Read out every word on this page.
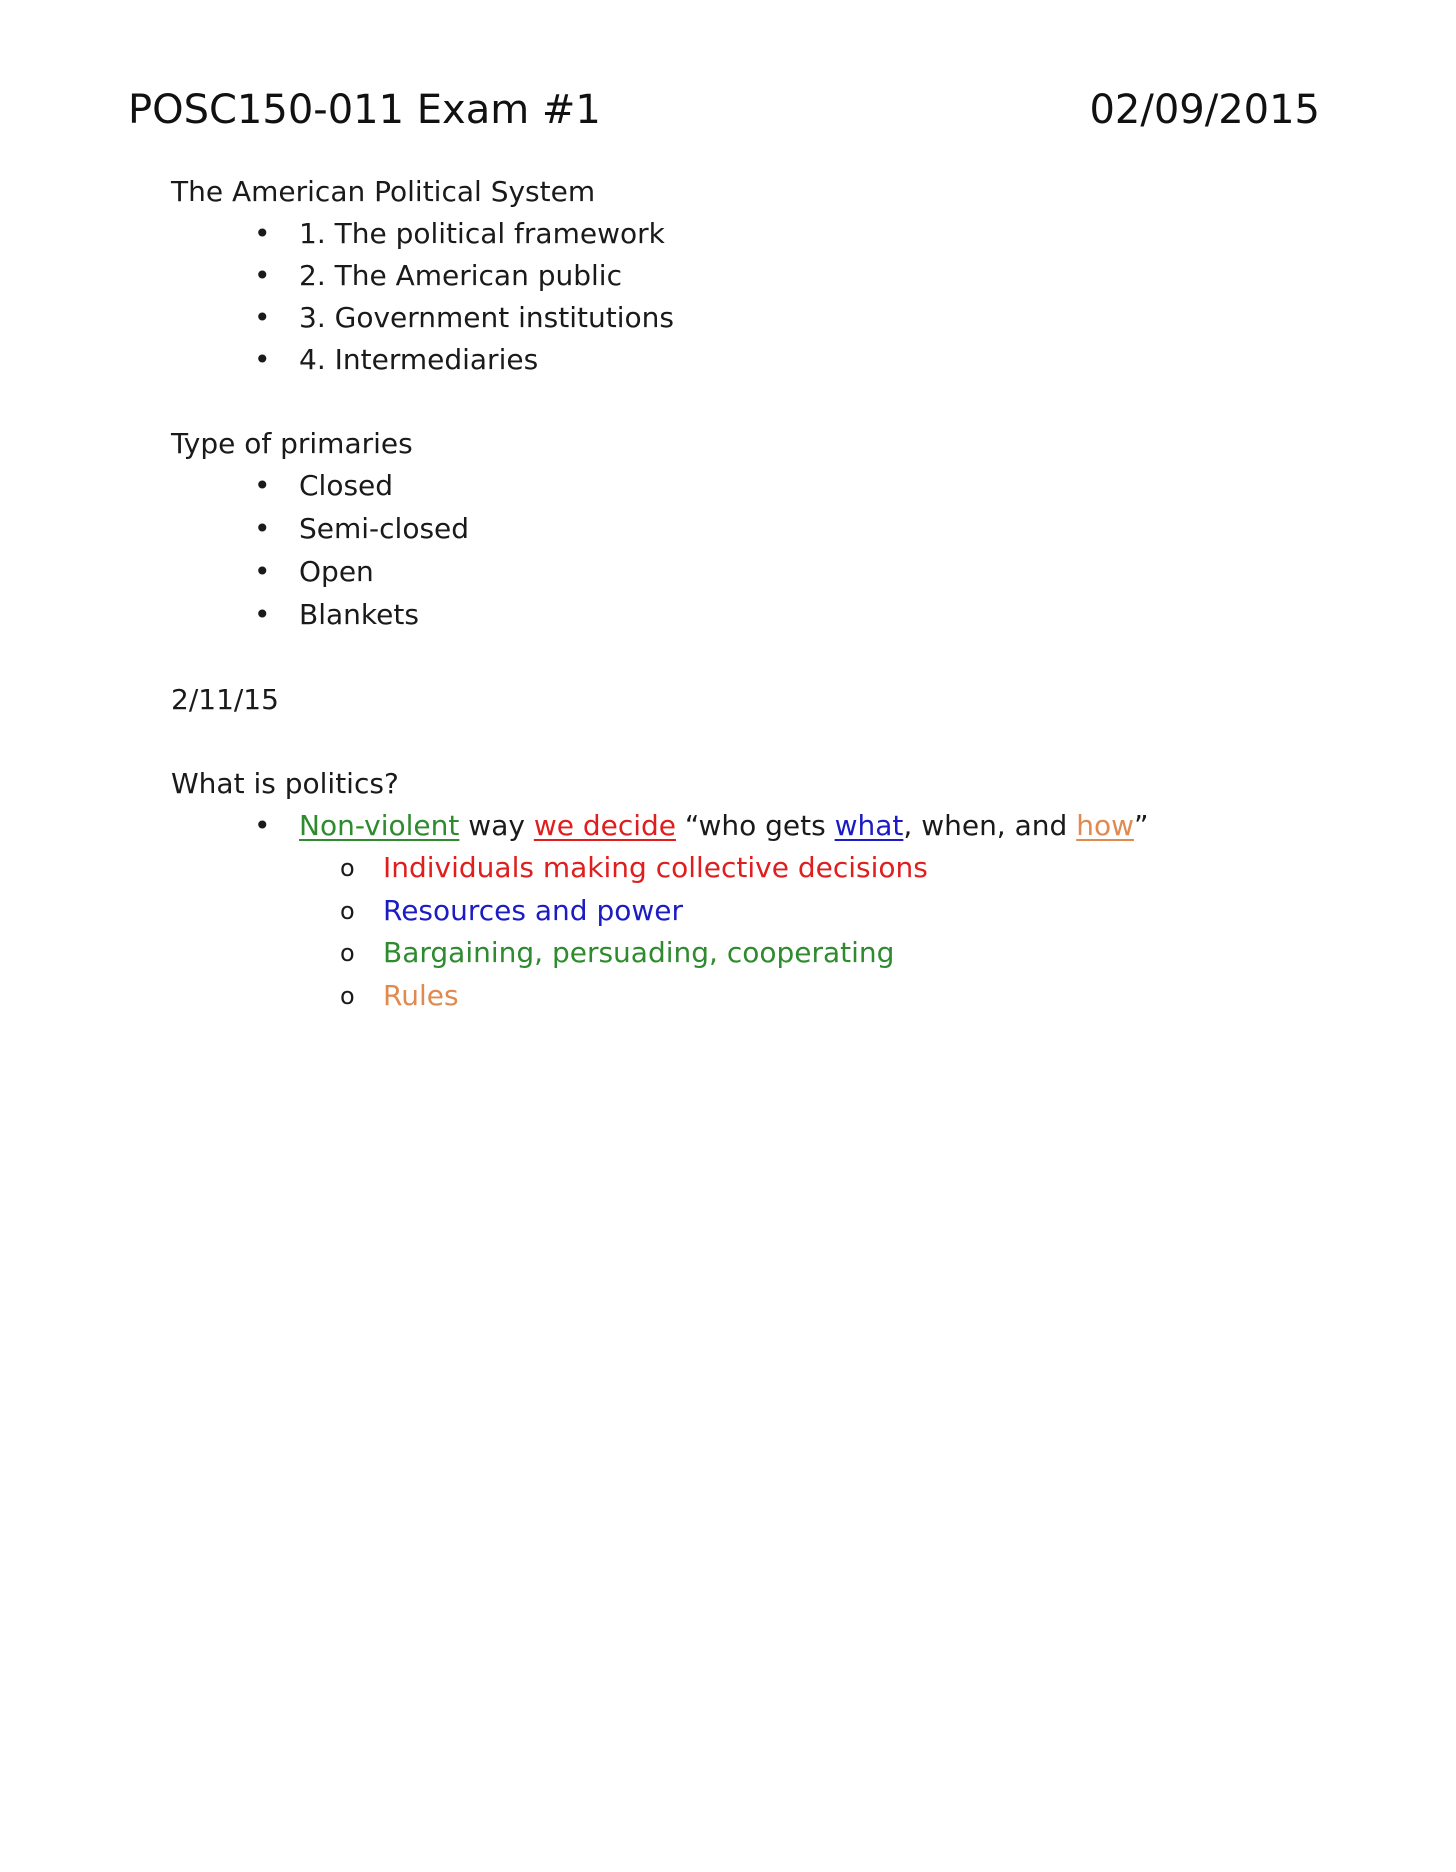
POSC150-011 Exam #1	02/09/2015

The American Political System

• 1. The political framework
• 2. The American public
• 3. Government institutions
• 4. Intermediaries

Type of primaries

• Closed
• Semi-closed
• Open
• Blankets

2/11/15

What is politics?

• Non-violent way we decide “who gets what, when, and how”
o Individuals making collective decisions
o Resources and power
o Bargaining, persuading, cooperating
o Rules
